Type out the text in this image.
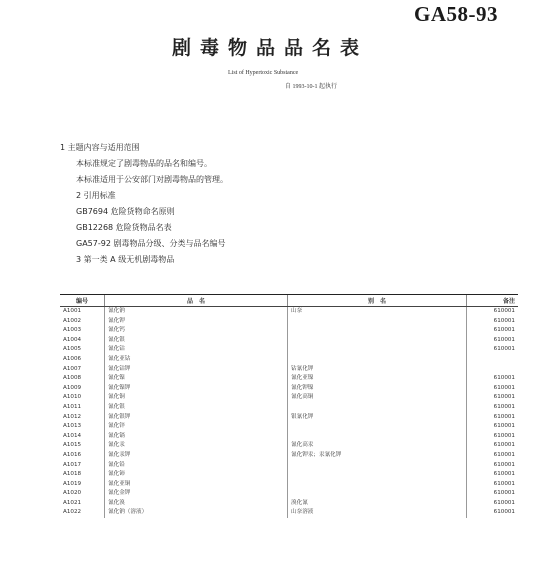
GA58-93
剧毒物品品名表
List of Hypertoxic Substance
自 1993-10-1 起执行
1 主题内容与适用范围
本标准规定了剧毒物品的品名和编号。
本标准适用于公安部门对剧毒物品的管理。
2 引用标准
GB7694 危险货物命名原则
GB12268 危险货物品名表
GA57-92 剧毒物品分级、分类与品名编号
3 第一类 A 级无机剧毒物品
编号	品　名	别　名	备注
A1001	氰化钠	山奈	610001
A1002	氰化钾		610001
A1003	氰化钙		610001
A1004	氰化银		610001
A1005	氰化钴		610001
A1006	氰化亚钴		
A1007	氰化钴钾	钴氰化钾	
A1008	氰化镍	氰化亚镍	610001
A1009	氰化镍钾	氰化钾镍	610001
A1010	氰化铜	氰化高铜	610001
A1011	氰化银		610001
A1012	氰化银钾	银氰化钾	610001
A1013	氰化锌		610001
A1014	氰化镉		610001
A1015	氰化汞	氰化高汞	610001
A1016	氰化汞钾	氰化钾汞；汞氰化钾	610001
A1017	氰化铅		610001
A1018	氰化铈		610001
A1019	氰化亚铜		610001
A1020	氰化金钾		610001
A1021	氰化溴	溴化氰	610001
A1022	氰化钠（溶液）	山奈溶液	610001
